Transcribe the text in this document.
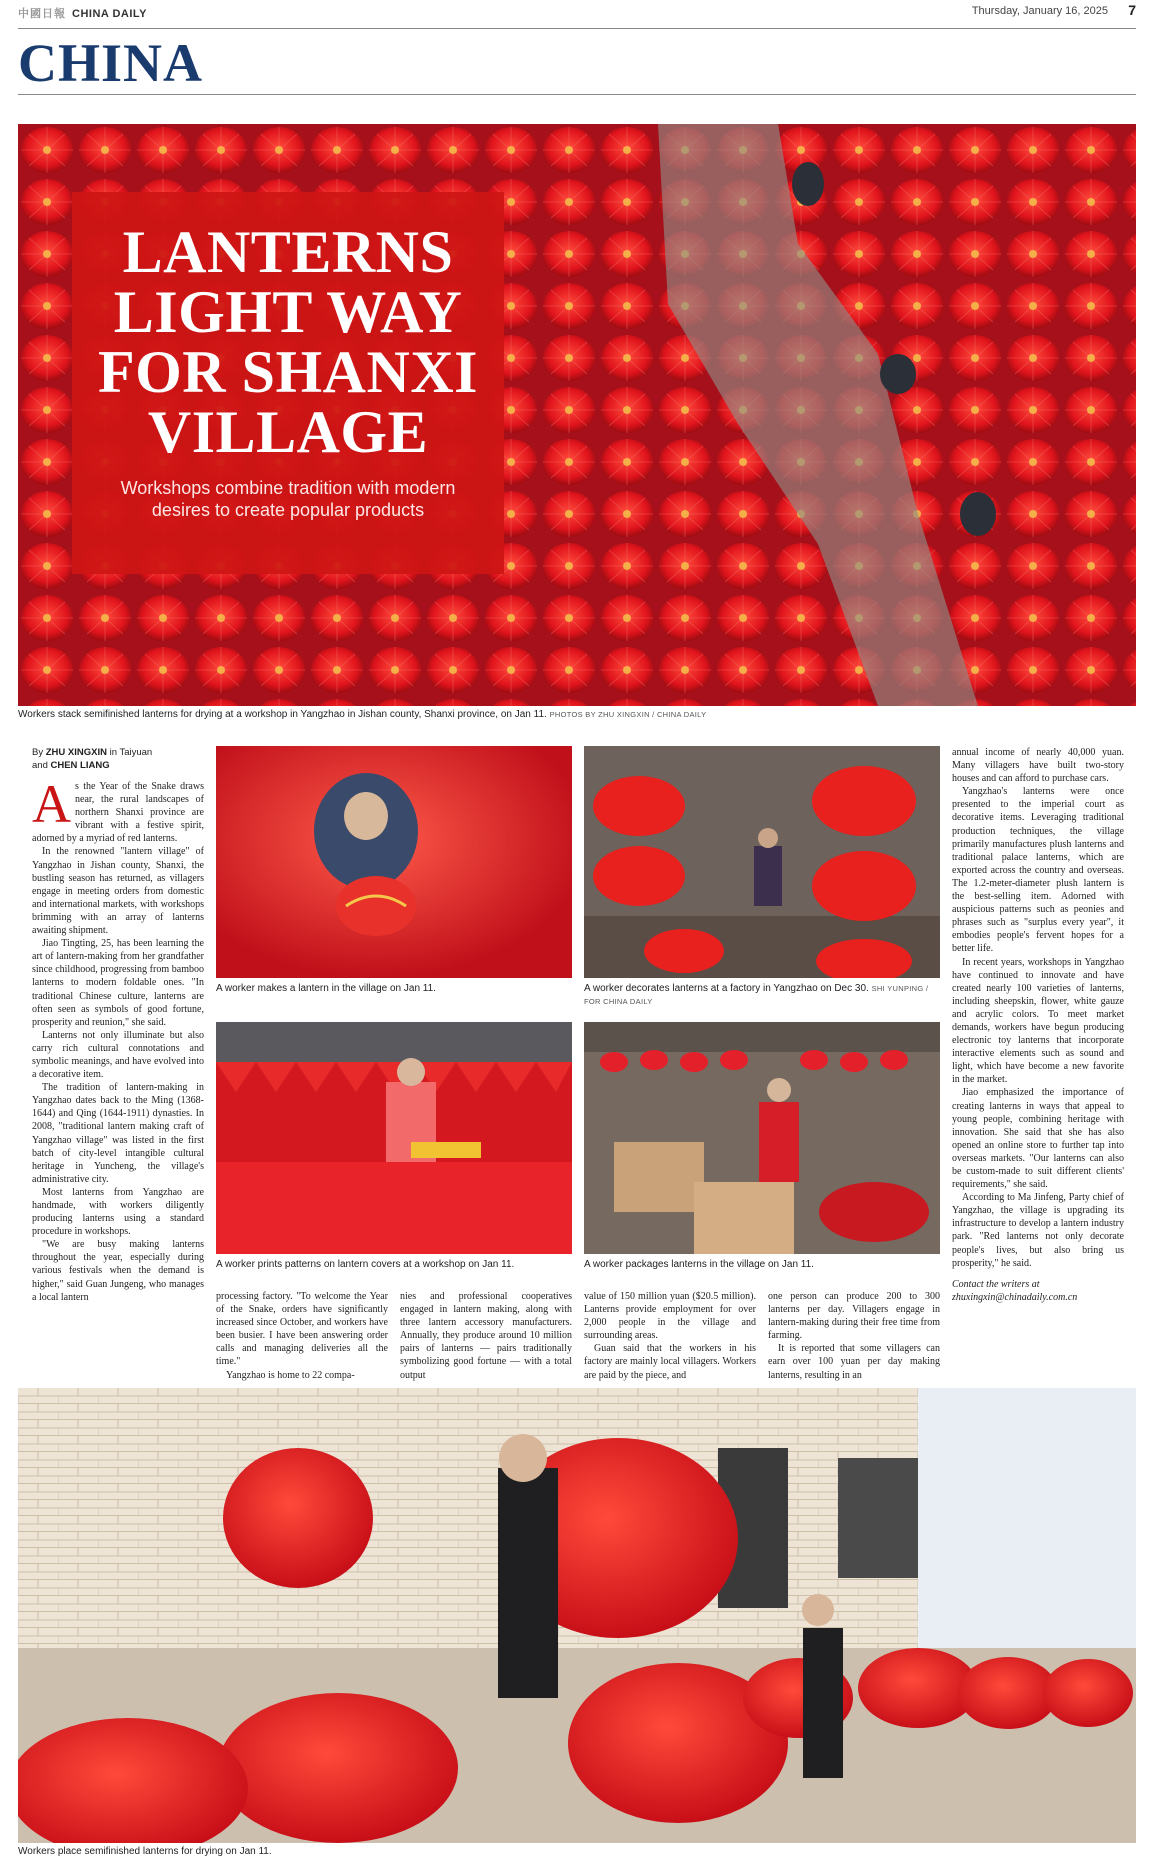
中國日報 CHINA DAILY	Thursday, January 16, 2025 7
CHINA
LANTERNS
LIGHT WAY
FOR SHANXI
VILLAGE
Workshops combine tradition with modern desires to create popular products
Workers stack semifinished lanterns for drying at a workshop in Yangzhao in Jishan county, Shanxi province, on Jan 11. PHOTOS BY ZHU XINGXIN / CHINA DAILY
By ZHU XINGXIN in Taiyuan
and CHEN LIANG

As the Year of the Snake draws near, the rural landscapes of northern Shanxi province are vibrant with a festive spirit, adorned by a myriad of red lanterns.

In the renowned "lantern village" of Yangzhao in Jishan county, Shanxi, the bustling season has returned, as villagers engage in meeting orders from domestic and international markets, with workshops brimming with an array of lanterns awaiting shipment.

Jiao Tingting, 25, has been learning the art of lantern-making from her grandfather since childhood, progressing from bamboo lanterns to modern foldable ones. "In traditional Chinese culture, lanterns are often seen as symbols of good fortune, prosperity and reunion," she said.

Lanterns not only illuminate but also carry rich cultural connotations and symbolic meanings, and have evolved into a decorative item.

The tradition of lantern-making in Yangzhao dates back to the Ming (1368-1644) and Qing (1644-1911) dynasties. In 2008, "traditional lantern making craft of Yangzhao village" was listed in the first batch of city-level intangible cultural heritage in Yuncheng, the village's administrative city.

Most lanterns from Yangzhao are handmade, with workers diligently producing lanterns using a standard procedure in workshops.

"We are busy making lanterns throughout the year, especially during various festivals when the demand is higher," said Guan Jungeng, who manages a local lantern

A worker makes a lantern in the village on Jan 11.	A worker decorates lanterns at a factory in Yangzhao on Dec 30. SHI YUNPING / FOR CHINA DAILY
A worker prints patterns on lantern covers at a workshop on Jan 11.	A worker packages lanterns in the village on Jan 11.

processing factory. "To welcome the Year of the Snake, orders have significantly increased since October, and workers have been busier. I have been answering order calls and managing deliveries all the time."

Yangzhao is home to 22 compa-

nies and professional cooperatives engaged in lantern making, along with three lantern accessory manufacturers. Annually, they produce around 10 million pairs of lanterns — pairs traditionally symbolizing good fortune — with a total output

value of 150 million yuan ($20.5 million). Lanterns provide employment for over 2,000 people in the village and surrounding areas.

Guan said that the workers in his factory are mainly local villagers. Workers are paid by the piece, and

one person can produce 200 to 300 lanterns per day. Villagers engage in lantern-making during their free time from farming.

It is reported that some villagers can earn over 100 yuan per day making lanterns, resulting in an

annual income of nearly 40,000 yuan. Many villagers have built two-story houses and can afford to purchase cars.

Yangzhao's lanterns were once presented to the imperial court as decorative items. Leveraging traditional production techniques, the village primarily manufactures plush lanterns and traditional palace lanterns, which are exported across the country and overseas. The 1.2-meter-diameter plush lantern is the best-selling item. Adorned with auspicious patterns such as peonies and phrases such as "surplus every year", it embodies people's fervent hopes for a better life.

In recent years, workshops in Yangzhao have continued to innovate and have created nearly 100 varieties of lanterns, including sheepskin, flower, white gauze and acrylic colors. To meet market demands, workers have begun producing electronic toy lanterns that incorporate interactive elements such as sound and light, which have become a new favorite in the market.

Jiao emphasized the importance of creating lanterns in ways that appeal to young people, combining heritage with innovation. She said that she has also opened an online store to further tap into overseas markets. "Our lanterns can also be custom-made to suit different clients' requirements," she said.

According to Ma Jinfeng, Party chief of Yangzhao, the village is upgrading its infrastructure to develop a lantern industry park. "Red lanterns not only decorate people's lives, but also bring us prosperity," he said.

Contact the writers at
zhuxingxin@chinadaily.com.cn

Workers place semifinished lanterns for drying on Jan 11.
